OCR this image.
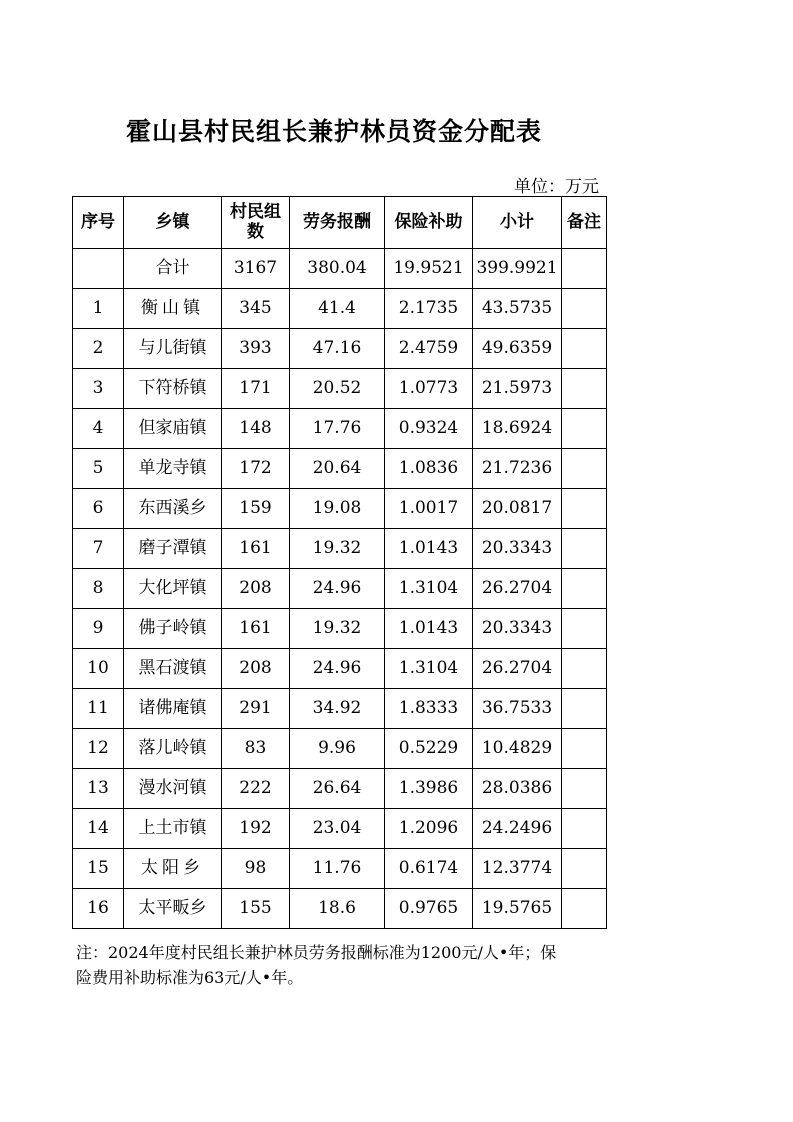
霍山县村民组长兼护林员资金分配表
单位：万元
序号	乡镇	村民组数	劳务报酬	保险补助	小计	备注
	合计	3167	380.04	19.9521	399.9921	
1	衡山镇	345	41.4	2.1735	43.5735	
2	与儿街镇	393	47.16	2.4759	49.6359	
3	下符桥镇	171	20.52	1.0773	21.5973	
4	但家庙镇	148	17.76	0.9324	18.6924	
5	单龙寺镇	172	20.64	1.0836	21.7236	
6	东西溪乡	159	19.08	1.0017	20.0817	
7	磨子潭镇	161	19.32	1.0143	20.3343	
8	大化坪镇	208	24.96	1.3104	26.2704	
9	佛子岭镇	161	19.32	1.0143	20.3343	
10	黑石渡镇	208	24.96	1.3104	26.2704	
11	诸佛庵镇	291	34.92	1.8333	36.7533	
12	落儿岭镇	83	9.96	0.5229	10.4829	
13	漫水河镇	222	26.64	1.3986	28.0386	
14	上土市镇	192	23.04	1.2096	24.2496	
15	太阳乡	98	11.76	0.6174	12.3774	
16	太平畈乡	155	18.6	0.9765	19.5765	
注：2024年度村民组长兼护林员劳务报酬标准为1200元/人•年；保险费用补助标准为63元/人•年。
